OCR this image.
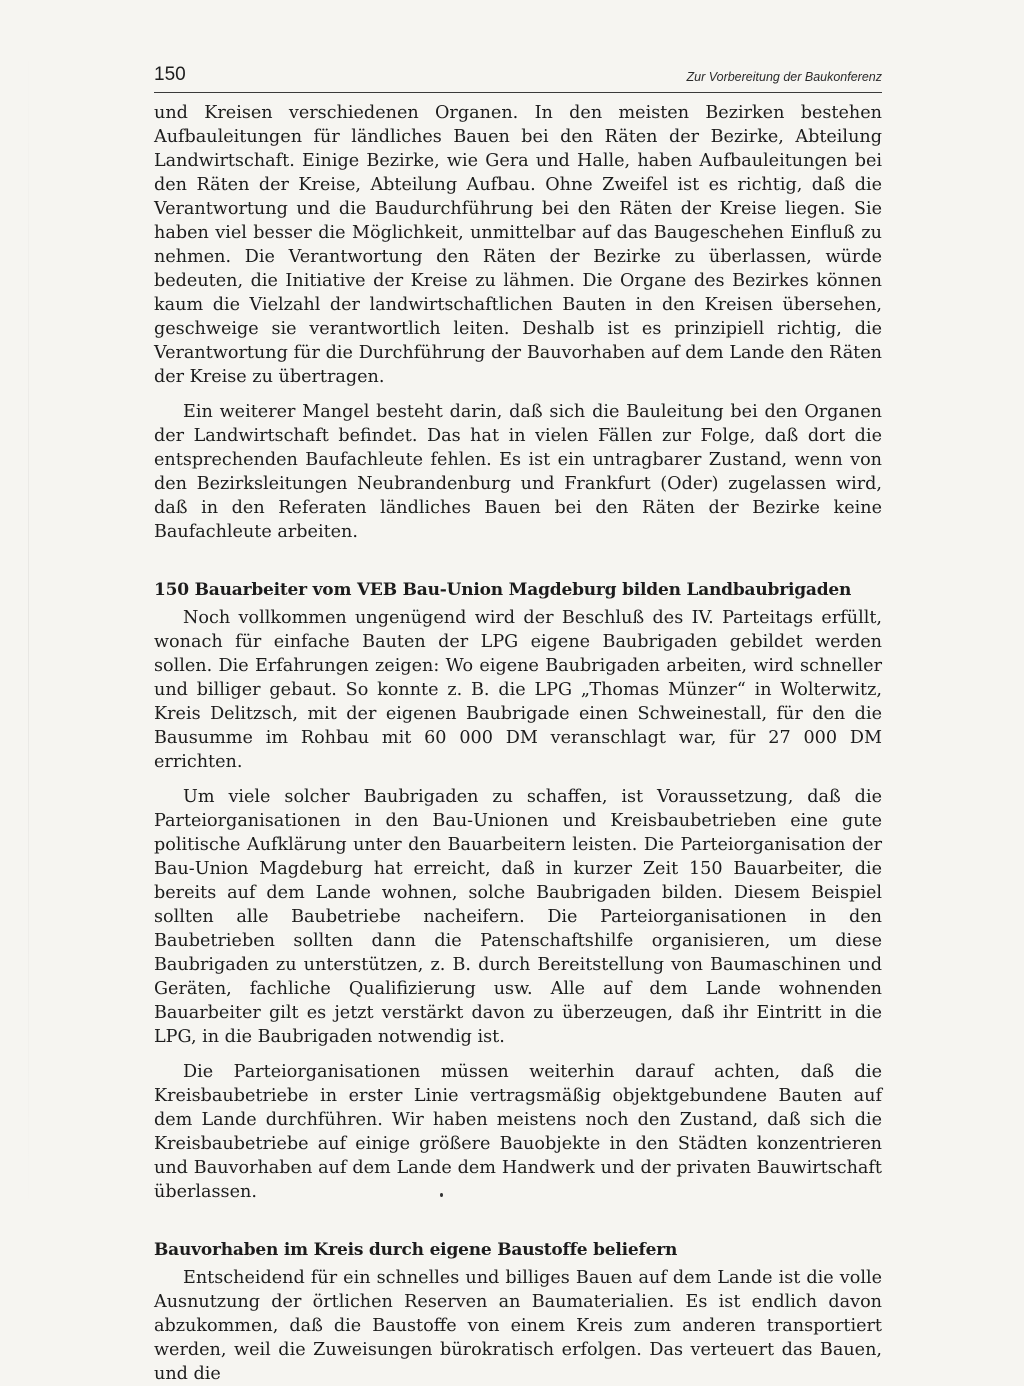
150	Zur Vorbereitung der Baukonferenz

und Kreisen verschiedenen Organen. In den meisten Bezirken bestehen Aufbauleitungen für ländliches Bauen bei den Räten der Bezirke, Abteilung Landwirtschaft. Einige Bezirke, wie Gera und Halle, haben Aufbauleitungen bei den Räten der Kreise, Abteilung Aufbau. Ohne Zweifel ist es richtig, daß die Verantwortung und die Baudurchführung bei den Räten der Kreise liegen. Sie haben viel besser die Möglichkeit, unmittelbar auf das Baugeschehen Einfluß zu nehmen. Die Verantwortung den Räten der Bezirke zu überlassen, würde bedeuten, die Initiative der Kreise zu lähmen. Die Organe des Bezirkes können kaum die Vielzahl der landwirtschaftlichen Bauten in den Kreisen übersehen, geschweige sie verantwortlich leiten. Deshalb ist es prinzipiell richtig, die Verantwortung für die Durchführung der Bauvorhaben auf dem Lande den Räten der Kreise zu übertragen.

Ein weiterer Mangel besteht darin, daß sich die Bauleitung bei den Organen der Landwirtschaft befindet. Das hat in vielen Fällen zur Folge, daß dort die entsprechenden Baufachleute fehlen. Es ist ein untragbarer Zustand, wenn von den Bezirksleitungen Neubrandenburg und Frankfurt (Oder) zugelassen wird, daß in den Referaten ländliches Bauen bei den Räten der Bezirke keine Baufachleute arbeiten.

150 Bauarbeiter vom VEB Bau-Union Magdeburg bilden Landbaubrigaden

Noch vollkommen ungenügend wird der Beschluß des IV. Parteitags erfüllt, wonach für einfache Bauten der LPG eigene Baubrigaden gebildet werden sollen. Die Erfahrungen zeigen: Wo eigene Baubrigaden arbeiten, wird schneller und billiger gebaut. So konnte z. B. die LPG „Thomas Münzer“ in Wolterwitz, Kreis Delitzsch, mit der eigenen Baubrigade einen Schweinestall, für den die Bausumme im Rohbau mit 60 000 DM veranschlagt war, für 27 000 DM errichten.

Um viele solcher Baubrigaden zu schaffen, ist Voraussetzung, daß die Parteiorganisationen in den Bau-Unionen und Kreisbaubetrieben eine gute politische Aufklärung unter den Bauarbeitern leisten. Die Parteiorganisation der Bau-Union Magdeburg hat erreicht, daß in kurzer Zeit 150 Bauarbeiter, die bereits auf dem Lande wohnen, solche Baubrigaden bilden. Diesem Beispiel sollten alle Baubetriebe nacheifern. Die Parteiorganisationen in den Baubetrieben sollten dann die Patenschaftshilfe organisieren, um diese Baubrigaden zu unterstützen, z. B. durch Bereitstellung von Baumaschinen und Geräten, fachliche Qualifizierung usw. Alle auf dem Lande wohnenden Bauarbeiter gilt es jetzt verstärkt davon zu überzeugen, daß ihr Eintritt in die LPG, in die Baubrigaden notwendig ist.

Die Parteiorganisationen müssen weiterhin darauf achten, daß die Kreisbaubetriebe in erster Linie vertragsmäßig objektgebundene Bauten auf dem Lande durchführen. Wir haben meistens noch den Zustand, daß sich die Kreisbaubetriebe auf einige größere Bauobjekte in den Städten konzentrieren und Bauvorhaben auf dem Lande dem Handwerk und der privaten Bauwirtschaft überlassen.

Bauvorhaben im Kreis durch eigene Baustoffe beliefern

Entscheidend für ein schnelles und billiges Bauen auf dem Lande ist die volle Ausnutzung der örtlichen Reserven an Baumaterialien. Es ist endlich davon abzukommen, daß die Baustoffe von einem Kreis zum anderen transportiert werden, weil die Zuweisungen bürokratisch erfolgen. Das verteuert das Bauen, und die
